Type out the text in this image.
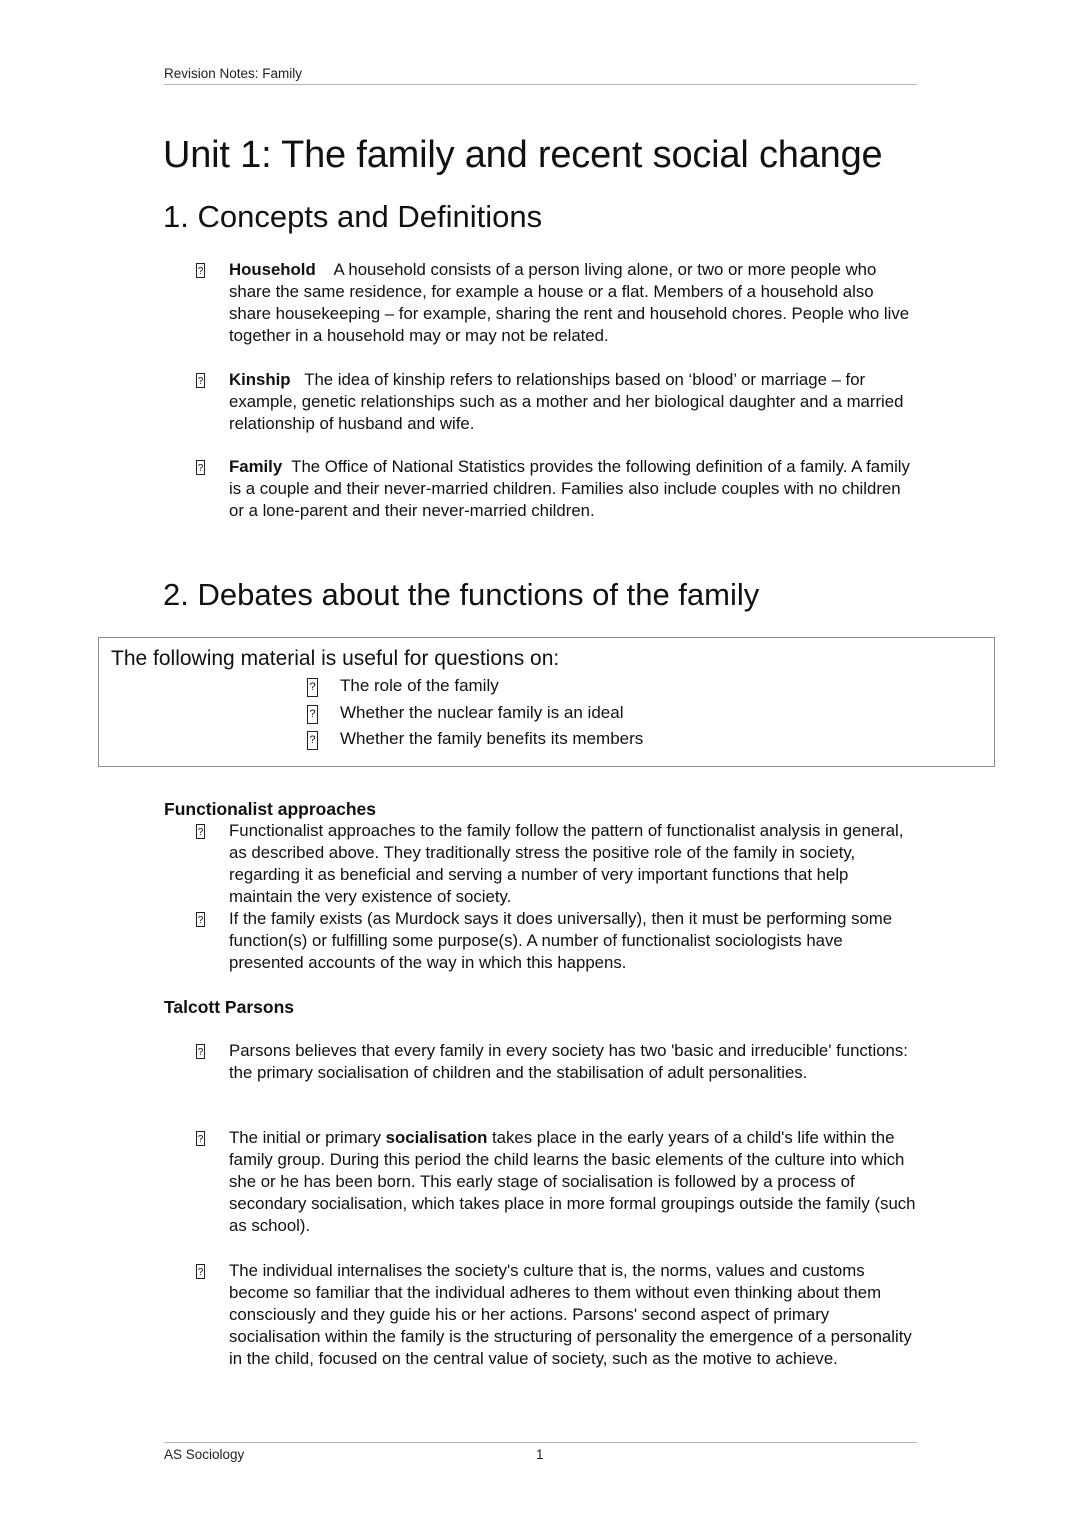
Revision Notes: Family
Unit 1: The family and recent social change
1. Concepts and Definitions
? Household A household consists of a person living alone, or two or more people who share the same residence, for example a house or a flat. Members of a household also share housekeeping – for example, sharing the rent and household chores. People who live together in a household may or may not be related.
? Kinship The idea of kinship refers to relationships based on ‘blood’ or marriage – for example, genetic relationships such as a mother and her biological daughter and a married relationship of husband and wife.
? Family The Office of National Statistics provides the following definition of a family. A family is a couple and their never-married children. Families also include couples with no children or a lone-parent and their never-married children.
2. Debates about the functions of the family
The following material is useful for questions on:
? The role of the family
? Whether the nuclear family is an ideal
? Whether the family benefits its members
Functionalist approaches
? Functionalist approaches to the family follow the pattern of functionalist analysis in general, as described above. They traditionally stress the positive role of the family in society, regarding it as beneficial and serving a number of very important functions that help maintain the very existence of society.
? If the family exists (as Murdock says it does universally), then it must be performing some function(s) or fulfilling some purpose(s). A number of functionalist sociologists have presented accounts of the way in which this happens.
Talcott Parsons
? Parsons believes that every family in every society has two 'basic and irreducible' functions: the primary socialisation of children and the stabilisation of adult personalities.
? The initial or primary socialisation takes place in the early years of a child's life within the family group. During this period the child learns the basic elements of the culture into which she or he has been born. This early stage of socialisation is followed by a process of secondary socialisation, which takes place in more formal groupings outside the family (such as school).
? The individual internalises the society's culture that is, the norms, values and customs become so familiar that the individual adheres to them without even thinking about them consciously and they guide his or her actions. Parsons' second aspect of primary socialisation within the family is the structuring of personality the emergence of a personality in the child, focused on the central value of society, such as the motive to achieve.
AS Sociology	1
